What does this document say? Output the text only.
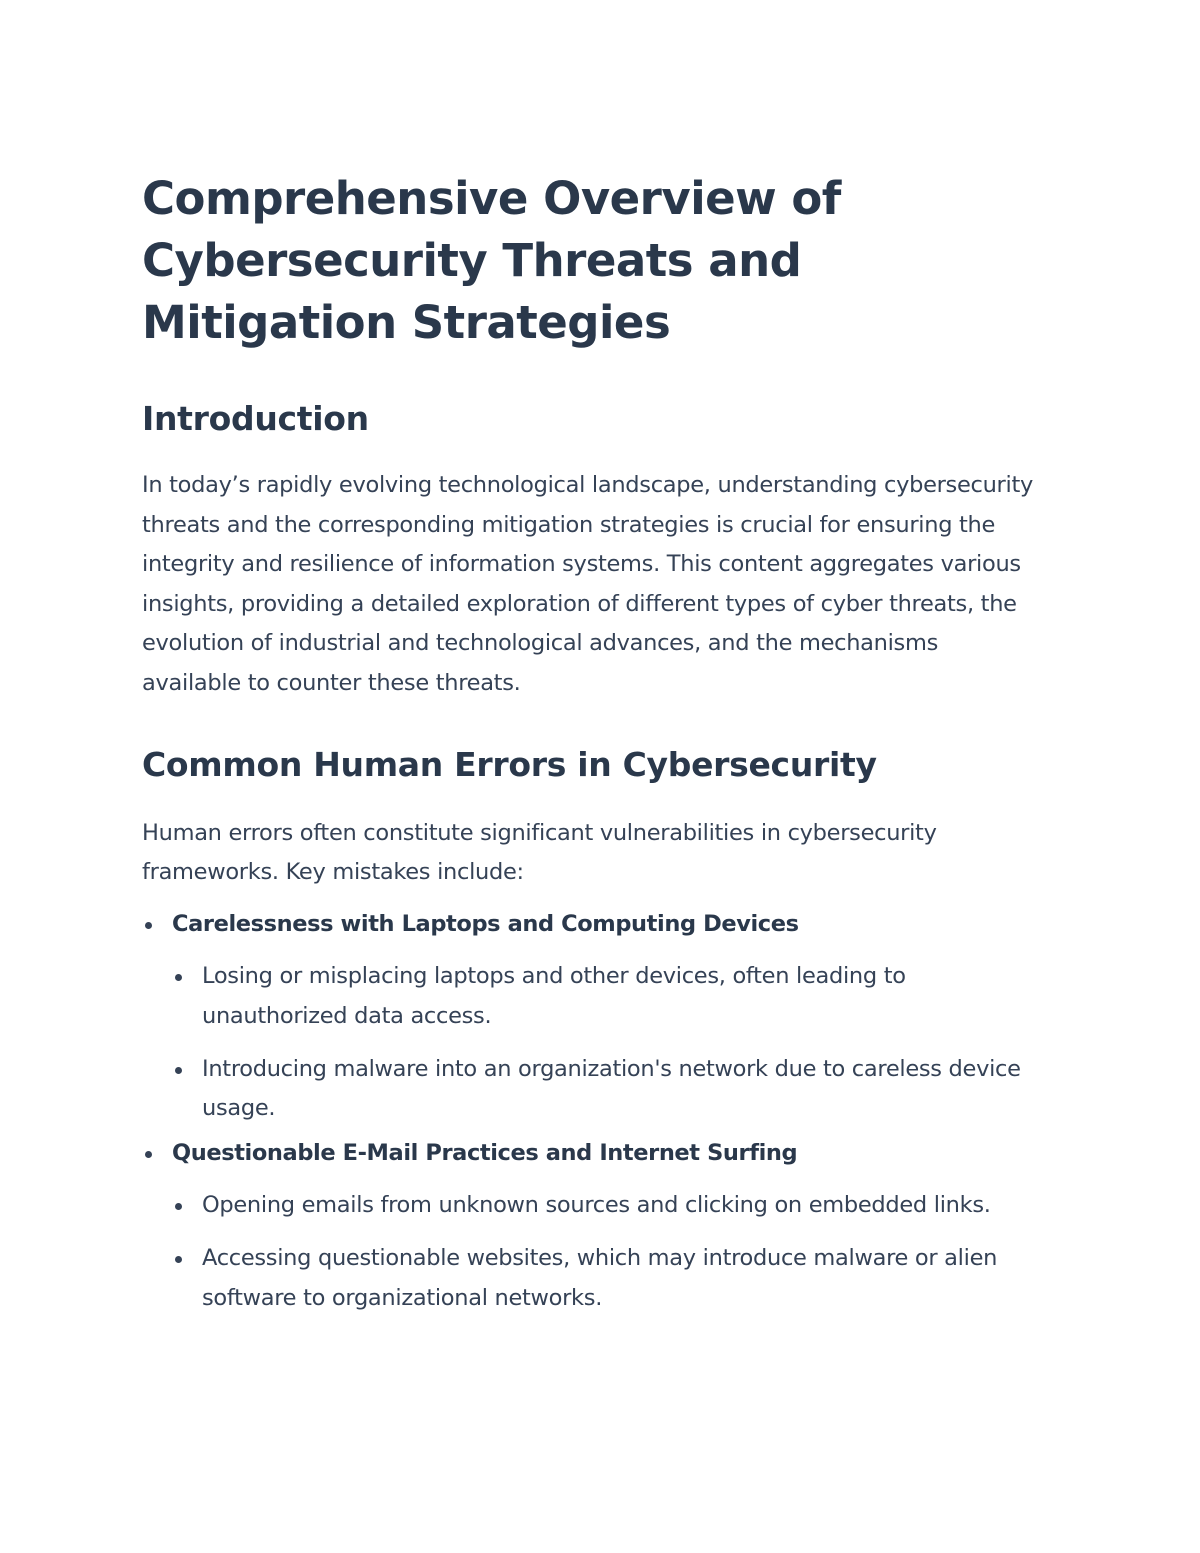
Comprehensive Overview of Cybersecurity Threats and Mitigation Strategies
Introduction

In today’s rapidly evolving technological landscape, understanding cybersecurity threats and the corresponding mitigation strategies is crucial for ensuring the integrity and resilience of information systems. This content aggregates various insights, providing a detailed exploration of different types of cyber threats, the evolution of industrial and technological advances, and the mechanisms available to counter these threats.

Common Human Errors in Cybersecurity

Human errors often constitute significant vulnerabilities in cybersecurity frameworks. Key mistakes include:

Carelessness with Laptops and Computing Devices
Losing or misplacing laptops and other devices, often leading to unauthorized data access.
Introducing malware into an organization's network due to careless device usage.
Questionable E-Mail Practices and Internet Surfing
Opening emails from unknown sources and clicking on embedded links.
Accessing questionable websites, which may introduce malware or alien software to organizational networks.
